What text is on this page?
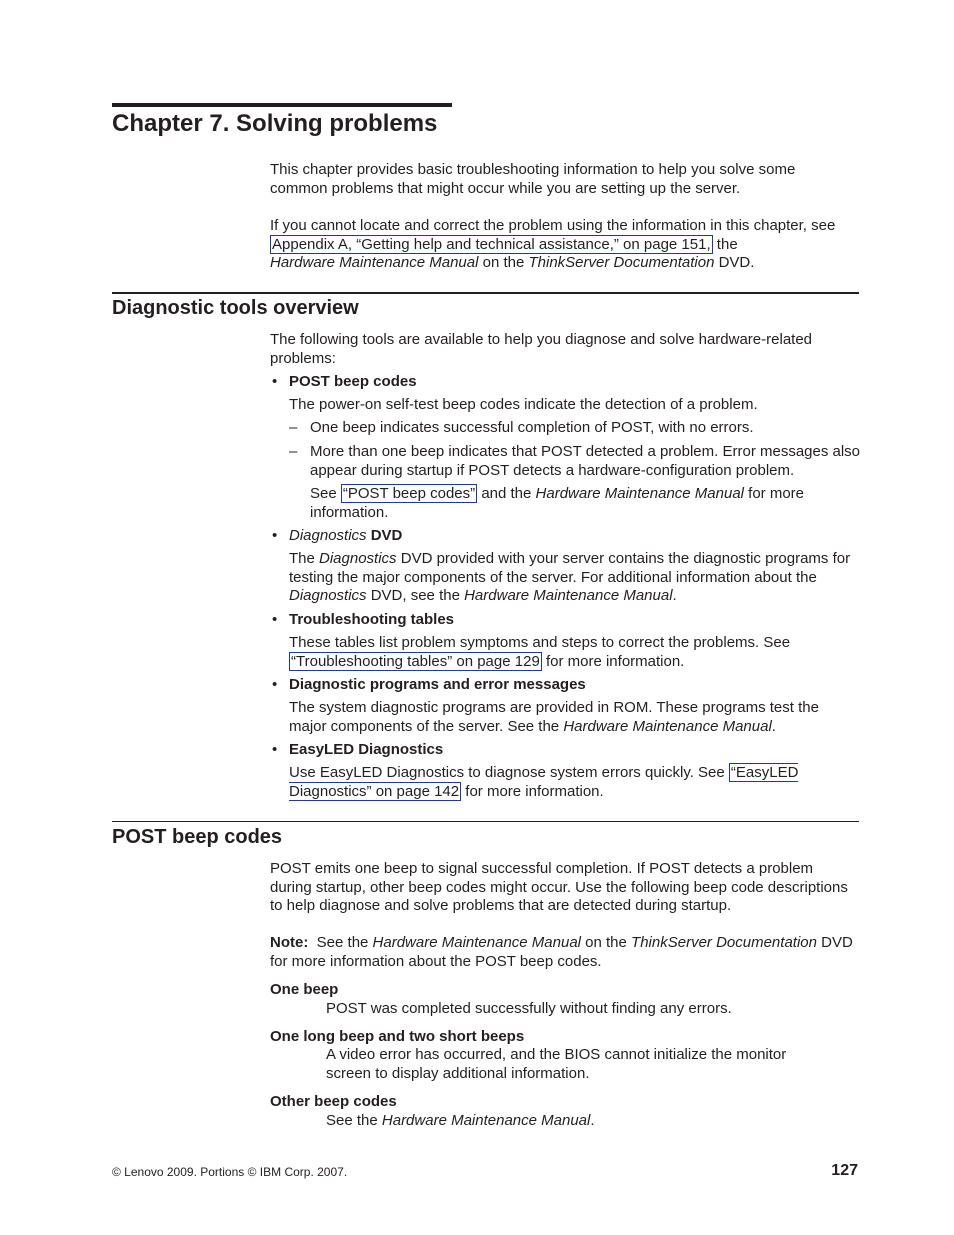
Chapter 7. Solving problems
This chapter provides basic troubleshooting information to help you solve some common problems that might occur while you are setting up the server.
If you cannot locate and correct the problem using the information in this chapter, see Appendix A, “Getting help and technical assistance,” on page 151, the
Hardware Maintenance Manual on the ThinkServer Documentation DVD.
Diagnostic tools overview
The following tools are available to help you diagnose and solve hardware-related problems:
• POST beep codes
The power-on self-test beep codes indicate the detection of a problem.
– One beep indicates successful completion of POST, with no errors.
– More than one beep indicates that POST detected a problem. Error messages also appear during startup if POST detects a hardware-configuration problem.
See “POST beep codes” and the Hardware Maintenance Manual for more information.
• Diagnostics DVD
The Diagnostics DVD provided with your server contains the diagnostic programs for testing the major components of the server. For additional information about the Diagnostics DVD, see the Hardware Maintenance Manual.
• Troubleshooting tables
These tables list problem symptoms and steps to correct the problems. See “Troubleshooting tables” on page 129 for more information.
• Diagnostic programs and error messages
The system diagnostic programs are provided in ROM. These programs test the major components of the server. See the Hardware Maintenance Manual.
• EasyLED Diagnostics
Use EasyLED Diagnostics to diagnose system errors quickly. See “EasyLED Diagnostics” on page 142 for more information.
POST beep codes
POST emits one beep to signal successful completion. If POST detects a problem during startup, other beep codes might occur. Use the following beep code descriptions to help diagnose and solve problems that are detected during startup.
Note:  See the Hardware Maintenance Manual on the ThinkServer Documentation DVD for more information about the POST beep codes.
One beep
POST was completed successfully without finding any errors.
One long beep and two short beeps
A video error has occurred, and the BIOS cannot initialize the monitor screen to display additional information.
Other beep codes
See the Hardware Maintenance Manual.
© Lenovo 2009. Portions © IBM Corp. 2007.	127
